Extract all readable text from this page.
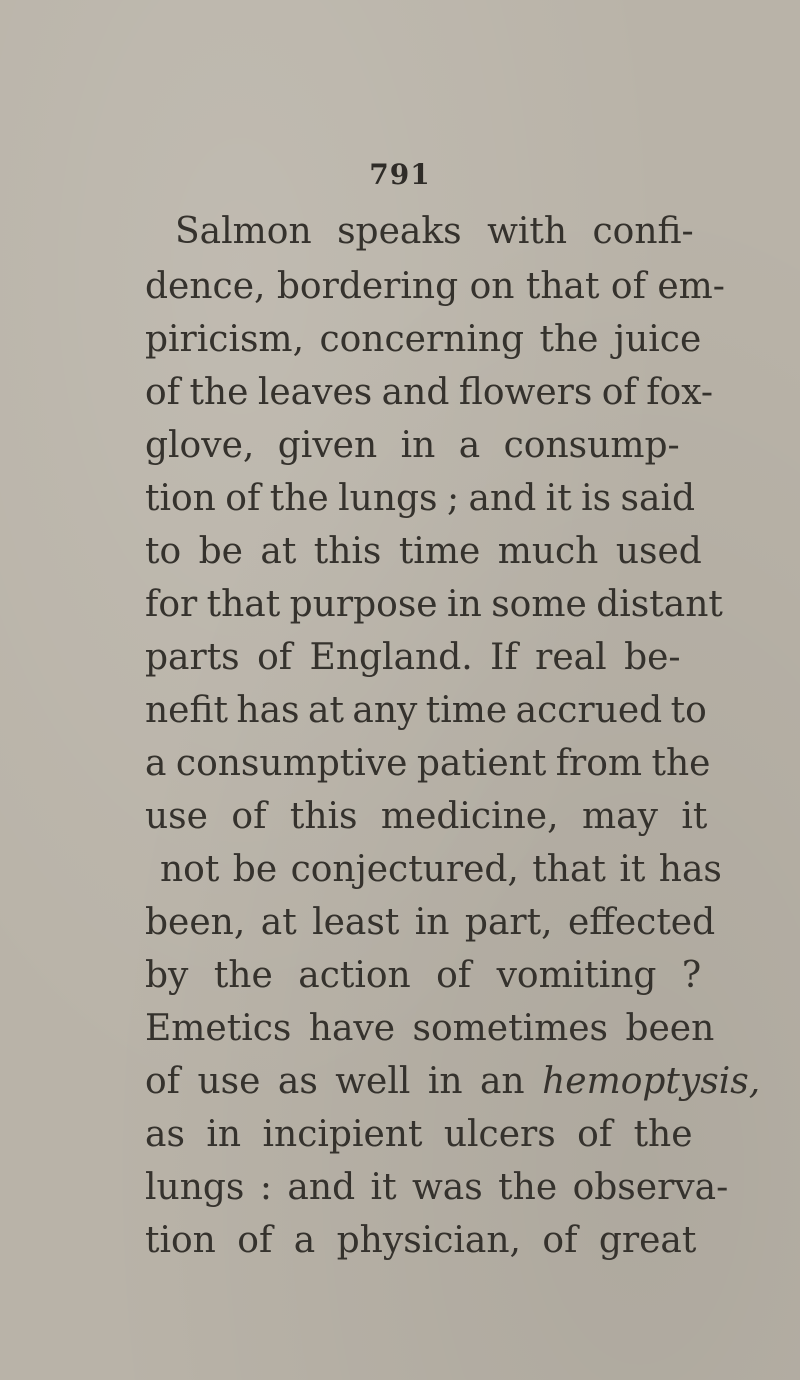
791
Salmon speaks with confi-
dence, bordering on that of em-
piricism, concerning the juice
of the leaves and flowers of fox-
glove, given in a consump-
tion of the lungs ; and it is said
to be at this time much used
for that purpose in some distant
parts of England. If real be-
nefit has at any time accrued to
a consumptive patient from the
use of this medicine, may it
not be conjectured, that it has
been, at least in part, effected
by the action of vomiting ?
Emetics have sometimes been
of use as well in an hemoptysis,
as in incipient ulcers of the
lungs : and it was the observa-
tion of a physician, of great
